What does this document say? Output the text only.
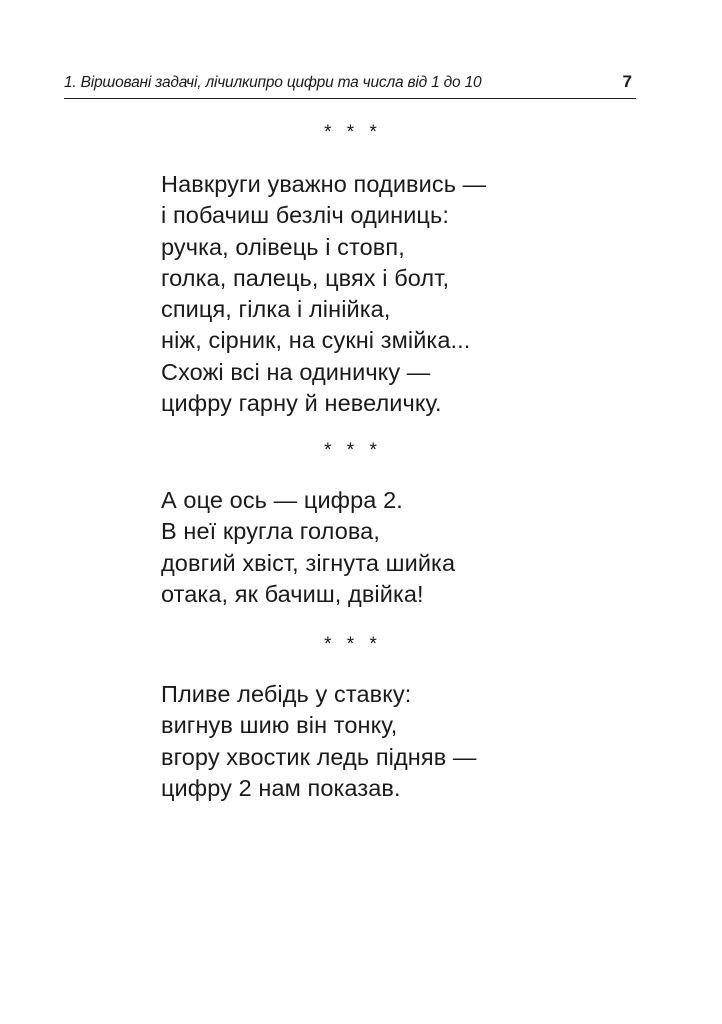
1. Віршовані задачі, лічилкипро цифри та числа від 1 до 10	7
* * *
Навкруги уважно подивись —
і побачиш безліч одиниць:
ручка, олівець і стовп,
голка, палець, цвях і болт,
спиця, гілка і лінійка,
ніж, сірник, на сукні змійка...
Схожі всі на одиничку —
цифру гарну й невеличку.
* * *
А оце ось — цифра 2.
В неї кругла голова,
довгий хвіст, зігнута шийка
отака, як бачиш, двійка!
* * *
Пливе лебідь у ставку:
вигнув шию він тонку,
вгору хвостик ледь підняв —
цифру 2 нам показав.
